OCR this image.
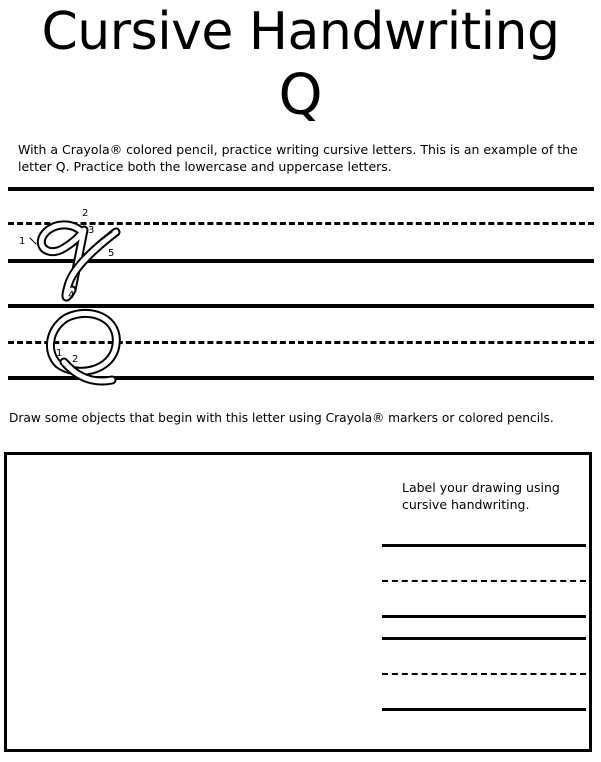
Cursive Handwriting
Q
With a Crayola® colored pencil, practice writing cursive letters. This is an example of the letter Q. Practice both the lowercase and uppercase letters.
1
2
3
4
5
1
2
Draw some objects that begin with this letter using Crayola® markers or colored pencils.
Label your drawing using cursive handwriting.
